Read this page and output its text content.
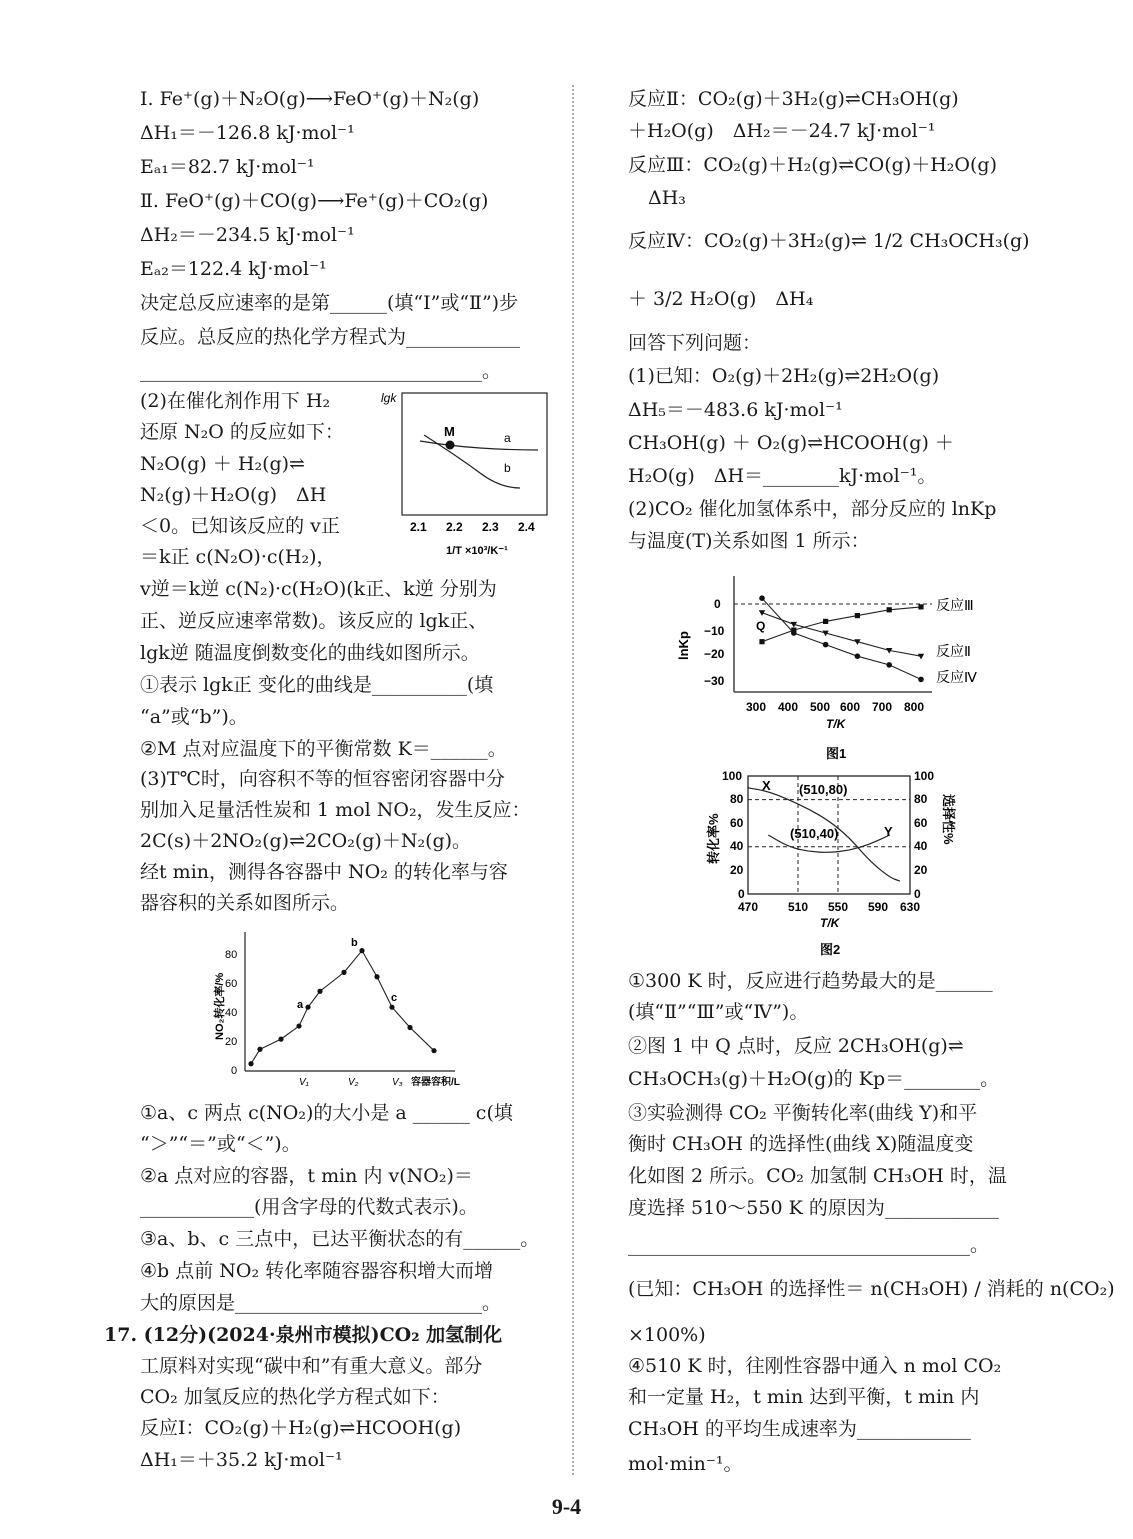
Ⅰ. Fe⁺(g)＋N₂O(g)⟶FeO⁺(g)＋N₂(g)
ΔH₁＝－126.8 kJ·mol⁻¹
Eₐ₁＝82.7 kJ·mol⁻¹
Ⅱ. FeO⁺(g)＋CO(g)⟶Fe⁺(g)＋CO₂(g)
ΔH₂＝－234.5 kJ·mol⁻¹
Eₐ₂＝122.4 kJ·mol⁻¹
决定总反应速率的是第______(填“Ⅰ”或“Ⅱ”)步
反应。总反应的热化学方程式为____________
____________________________________。
(2)在催化剂作用下 H₂
还原 N₂O 的反应如下：
N₂O(g) ＋ H₂(g)⇌
N₂(g)＋H₂O(g)　ΔH
＜0。已知该反应的 v正
＝k正 c(N₂O)·c(H₂)，
v逆＝k逆 c(N₂)·c(H₂O)(k正、k逆 分别为
正、逆反应速率常数)。该反应的 lgk正、
lgk逆 随温度倒数变化的曲线如图所示。
①表示 lgk正 变化的曲线是__________(填
“a”或“b”)。
②M 点对应温度下的平衡常数 K＝______。
(3)T℃时，向容积不等的恒容密闭容器中分
别加入足量活性炭和 1 mol NO₂，发生反应：
2C(s)＋2NO₂(g)⇌2CO₂(g)＋N₂(g)。
经t min，测得各容器中 NO₂ 的转化率与容
器容积的关系如图所示。
①a、c 两点 c(NO₂)的大小是 a ______ c(填
“＞”“＝”或“＜”)。
②a 点对应的容器，t min 内 v(NO₂)＝
____________(用含字母的代数式表示)。
③a、b、c 三点中，已达平衡状态的有______。
④b 点前 NO₂ 转化率随容器容积增大而增
大的原因是__________________________。
17. (12分)(2024·泉州市模拟)CO₂ 加氢制化
工原料对实现“碳中和”有重大意义。部分
CO₂ 加氢反应的热化学方程式如下：
反应Ⅰ：CO₂(g)＋H₂(g)⇌HCOOH(g)
ΔH₁＝＋35.2 kJ·mol⁻¹
反应Ⅱ：CO₂(g)＋3H₂(g)⇌CH₃OH(g)
＋H₂O(g)　ΔH₂＝－24.7 kJ·mol⁻¹
反应Ⅲ：CO₂(g)＋H₂(g)⇌CO(g)＋H₂O(g)
ΔH₃
反应Ⅳ：CO₂(g)＋3H₂(g)⇌ 1/2 CH₃OCH₃(g)
＋ 3/2 H₂O(g)　ΔH₄
回答下列问题：
(1)已知：O₂(g)＋2H₂(g)⇌2H₂O(g)
ΔH₅＝－483.6 kJ·mol⁻¹
CH₃OH(g) ＋ O₂(g)⇌HCOOH(g) ＋
H₂O(g)　ΔH＝________kJ·mol⁻¹。
(2)CO₂ 催化加氢体系中，部分反应的 lnKp
与温度(T)关系如图 1 所示：
①300 K 时，反应进行趋势最大的是______
(填“Ⅱ”“Ⅲ”或“Ⅳ”)。
②图 1 中 Q 点时，反应 2CH₃OH(g)⇌
CH₃OCH₃(g)＋H₂O(g)的 Kp＝________。
③实验测得 CO₂ 平衡转化率(曲线 Y)和平
衡时 CH₃OH 的选择性(曲线 X)随温度变
化如图 2 所示。CO₂ 加氢制 CH₃OH 时，温
度选择 510～550 K 的原因为____________
____________________________________。
(已知：CH₃OH 的选择性＝ n(CH₃OH) / 消耗的 n(CO₂)
×100%)
④510 K 时，往刚性容器中通入 n mol CO₂
和一定量 H₂，t min 达到平衡，t min 内
CH₃OH 的平均生成速率为____________
mol·min⁻¹。
lgk
M	a
b
2.1 2.2 2.3 2.4
1/T ×10³/K⁻¹
NO₂转化率/%
0
20
40
60
80
V₁	V₂	V₃ 容器容积/L
a
b
c
lnKp
0
−10
−20
−30
300 400 500 600 700 800
T/K
Q
反应Ⅲ
反应Ⅱ
反应Ⅳ
图1
转化率%	选择性%
100
80
60
40
20
0
100
80
60
40
20
0
470 510 550 590 630
T/K
X
Y
(510,80)
(510,40)
图2
9-4
